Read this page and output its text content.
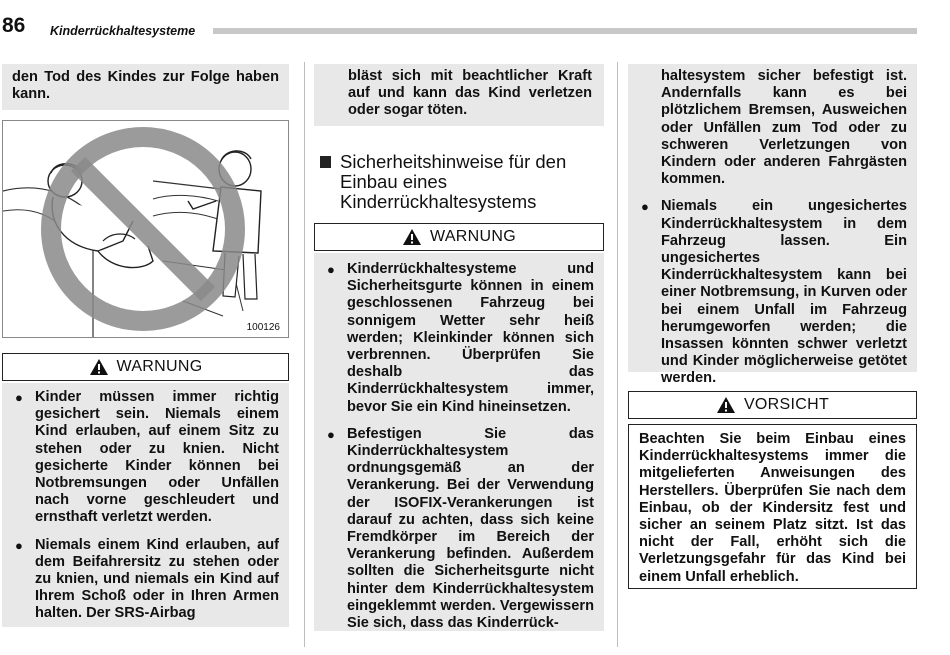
86 Kinderrückhaltesysteme

den Tod des Kindes zur Folge haben kann.

100126
WARNUNG
● Kinder müssen immer richtig gesichert sein. Niemals einem Kind erlauben, auf einem Sitz zu stehen oder zu knien. Nicht gesicherte Kinder können bei Notbremsungen oder Unfällen nach vorne geschleudert und ernsthaft verletzt werden.
● Niemals einem Kind erlauben, auf dem Beifahrersitz zu stehen oder zu knien, und niemals ein Kind auf Ihrem Schoß oder in Ihren Armen halten. Der SRS-Airbag

bläst sich mit beachtlicher Kraft auf und kann das Kind verletzen oder sogar töten.

Sicherheitshinweise für den Einbau eines Kinderrückhaltesystems
WARNUNG
● Kinderrückhaltesysteme und Sicherheitsgurte können in einem geschlossenen Fahrzeug bei sonnigem Wetter sehr heiß werden; Kleinkinder können sich verbrennen. Überprüfen Sie deshalb das Kinderrückhaltesystem immer, bevor Sie ein Kind hineinsetzen.
● Befestigen Sie das Kinderrückhaltesystem ordnungsgemäß an der Verankerung. Bei der Verwendung der ISOFIX-Verankerungen ist darauf zu achten, dass sich keine Fremdkörper im Bereich der Verankerung befinden. Außerdem sollten die Sicherheitsgurte nicht hinter dem Kinderrückhaltesystem eingeklemmt werden. Vergewissern Sie sich, dass das Kinderrück-

haltesystem sicher befestigt ist. Andernfalls kann es bei plötzlichem Bremsen, Ausweichen oder Unfällen zum Tod oder zu schweren Verletzungen von Kindern oder anderen Fahrgästen kommen.

● Niemals ein ungesichertes Kinderrückhaltesystem in dem Fahrzeug lassen. Ein ungesichertes Kinderrückhaltesystem kann bei einer Notbremsung, in Kurven oder bei einem Unfall im Fahrzeug herumgeworfen werden; die Insassen könnten schwer verletzt und Kinder möglicherweise getötet werden.
VORSICHT

Beachten Sie beim Einbau eines Kinderrückhaltesystems immer die mitgelieferten Anweisungen des Herstellers. Überprüfen Sie nach dem Einbau, ob der Kindersitz fest und sicher an seinem Platz sitzt. Ist das nicht der Fall, erhöht sich die Verletzungsgefahr für das Kind bei einem Unfall erheblich.
